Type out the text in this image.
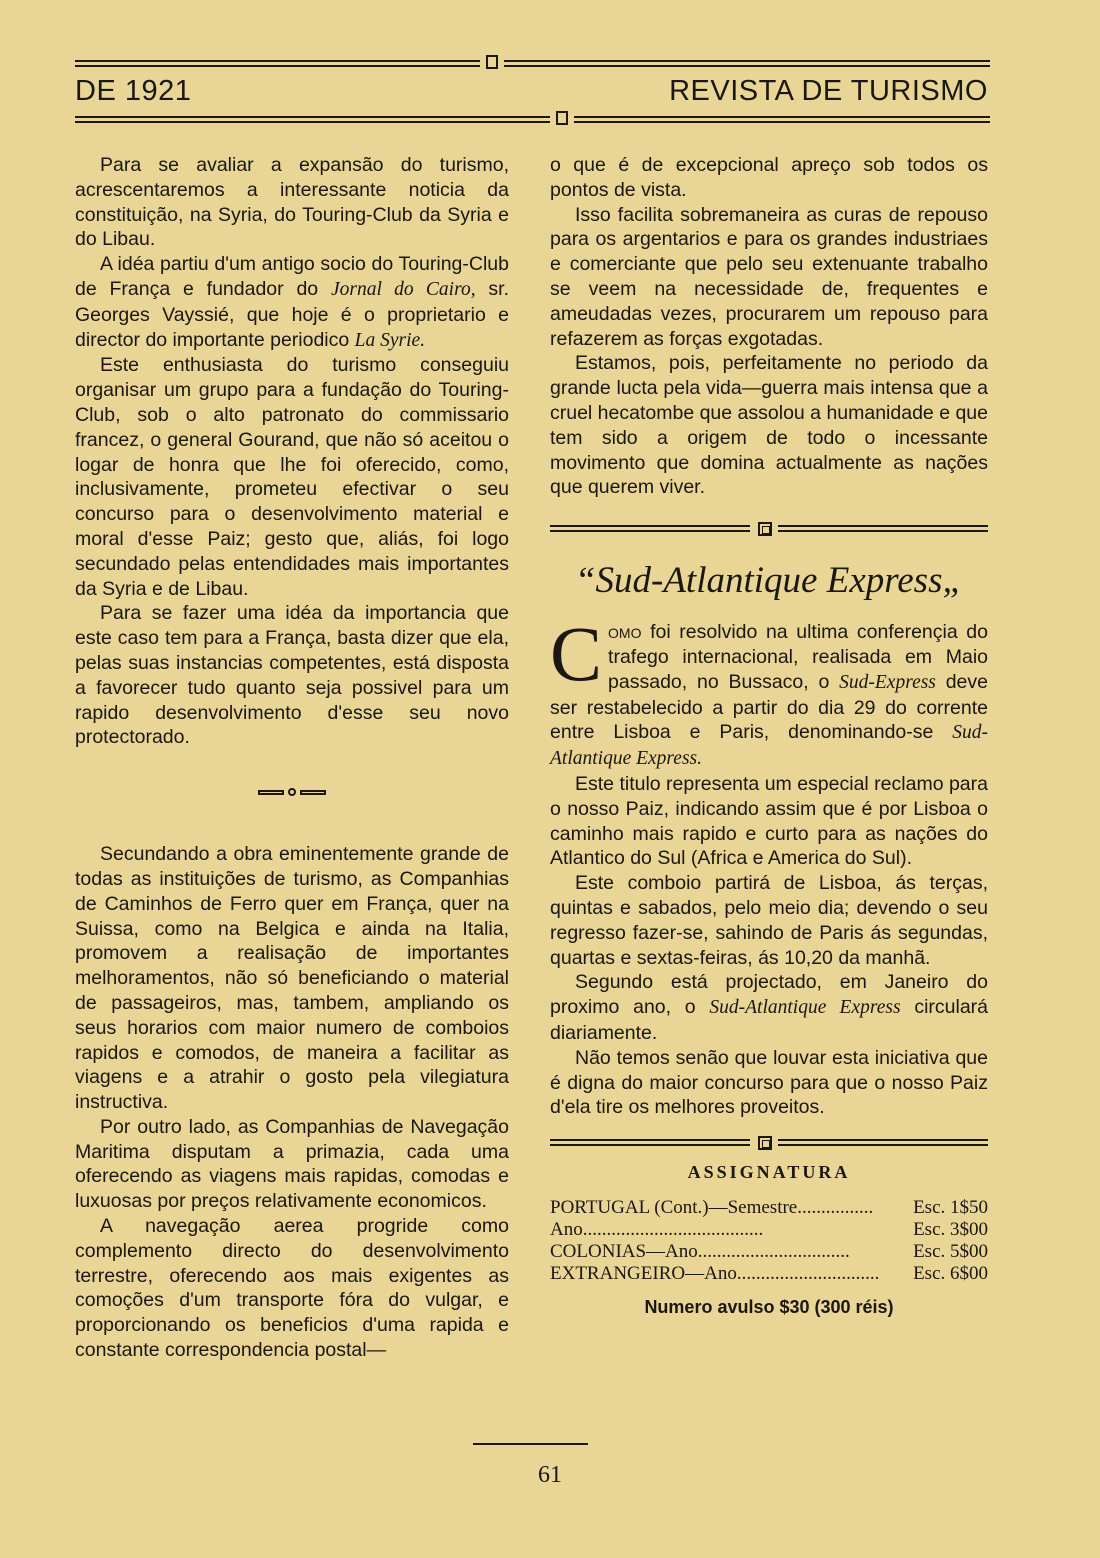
DE 1921	REVISTA DE TURISMO

Para se avaliar a expansão do turismo, acrescentaremos a interessante noticia da constituição, na Syria, do Touring-Club da Syria e do Libau.

A idéa partiu d'um antigo socio do Touring-Club de França e fundador do Jornal do Cairo, sr. Georges Vayssié, que hoje é o proprietario e director do importante periodico La Syrie.

Este enthusiasta do turismo conseguiu organisar um grupo para a fundação do Touring-Club, sob o alto patronato do commissario francez, o general Gourand, que não só aceitou o logar de honra que lhe foi oferecido, como, inclusivamente, prometeu efectivar o seu concurso para o desenvolvimento material e moral d'esse Paiz; gesto que, aliás, foi logo secundado pelas entendidades mais importantes da Syria e de Libau.

Para se fazer uma idéa da importancia que este caso tem para a França, basta dizer que ela, pelas suas instancias competentes, está disposta a favorecer tudo quanto seja possivel para um rapido desenvolvimento d'esse seu novo protectorado.

Secundando a obra eminentemente grande de todas as instituições de turismo, as Companhias de Caminhos de Ferro quer em França, quer na Suissa, como na Belgica e ainda na Italia, promovem a realisação de importantes melhoramentos, não só beneficiando o material de passageiros, mas, tambem, ampliando os seus horarios com maior numero de comboios rapidos e comodos, de maneira a facilitar as viagens e a atrahir o gosto pela vilegiatura instructiva.

Por outro lado, as Companhias de Navegação Maritima disputam a primazia, cada uma oferecendo as viagens mais rapidas, comodas e luxuosas por preços relativamente economicos.

A navegação aerea progride como complemento directo do desenvolvimento terrestre, oferecendo aos mais exigentes as comoções d'um transporte fóra do vulgar, e proporcionando os beneficios d'uma rapida e constante correspondencia postal—

o que é de excepcional apreço sob todos os pontos de vista.

Isso facilita sobremaneira as curas de repouso para os argentarios e para os grandes industriaes e comerciante que pelo seu extenuante trabalho se veem na necessidade de, frequentes e ameudadas vezes, procurarem um repouso para refazerem as forças exgotadas.

Estamos, pois, perfeitamente no periodo da grande lucta pela vida—guerra mais intensa que a cruel hecatombe que assolou a humanidade e que tem sido a origem de todo o incessante movimento que domina actualmente as nações que querem viver.

“Sud-Atlantique Express„

Como foi resolvido na ultima conferençia do trafego internacional, realisada em Maio passado, no Bussaco, o Sud-Express deve ser restabelecido a partir do dia 29 do corrente entre Lisboa e Paris, denominando-se Sud-Atlantique Express.

Este titulo representa um especial reclamo para o nosso Paiz, indicando assim que é por Lisboa o caminho mais rapido e curto para as nações do Atlantico do Sul (Africa e America do Sul).

Este comboio partirá de Lisboa, ás terças, quintas e sabados, pelo meio dia; devendo o seu regresso fazer-se, sahindo de Paris ás segundas, quartas e sextas-feiras, ás 10,20 da manhã.

Segundo está projectado, em Janeiro do proximo ano, o Sud-Atlantique Express circulará diariamente.

Não temos senão que louvar esta iniciativa que é digna do maior concurso para que o nosso Paiz d'ela tire os melhores proveitos.

ASSIGNATURA
PORTUGAL (Cont.)—Semestre ................	Esc. 1$50
Ano ......................................	Esc. 3$00
COLONIAS—Ano ................................	Esc. 5$00
EXTRANGEIRO—Ano ..............................	Esc. 6$00
Numero avulso $30 (300 réis)
61
